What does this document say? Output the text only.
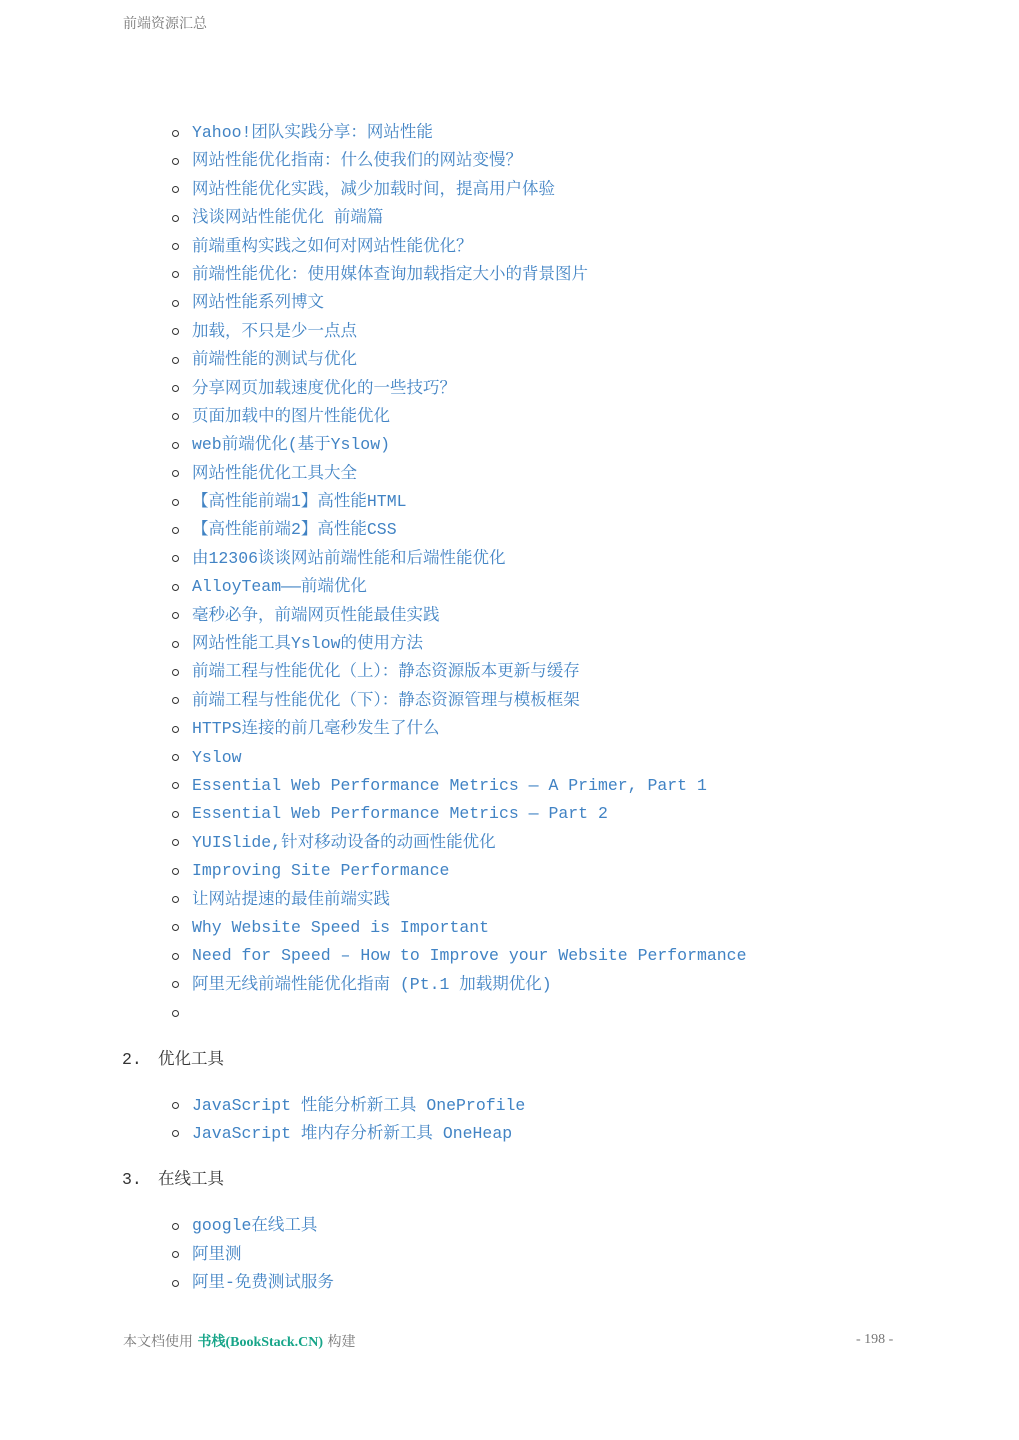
前端资源汇总
Yahoo!团队实践分享：网站性能
网站性能优化指南：什么使我们的网站变慢？
网站性能优化实践，减少加载时间，提高用户体验
浅谈网站性能优化 前端篇
前端重构实践之如何对网站性能优化？
前端性能优化：使用媒体查询加载指定大小的背景图片
网站性能系列博文
加载，不只是少一点点
前端性能的测试与优化
分享网页加载速度优化的一些技巧？
页面加载中的图片性能优化
web前端优化(基于Yslow)
网站性能优化工具大全
【高性能前端1】高性能HTML
【高性能前端2】高性能CSS
由12306谈谈网站前端性能和后端性能优化
AlloyTeam——前端优化
毫秒必争，前端网页性能最佳实践
网站性能工具Yslow的使用方法
前端工程与性能优化（上）：静态资源版本更新与缓存
前端工程与性能优化（下）：静态资源管理与模板框架
HTTPS连接的前几毫秒发生了什么
Yslow
Essential Web Performance Metrics — A Primer, Part 1
Essential Web Performance Metrics — Part 2
YUISlide,针对移动设备的动画性能优化
Improving Site Performance
让网站提速的最佳前端实践
Why Website Speed is Important
Need for Speed – How to Improve your Website Performance
阿里无线前端性能优化指南 (Pt.1 加载期优化)
2. 优化工具
JavaScript 性能分析新工具 OneProfile
JavaScript 堆内存分析新工具 OneHeap
3. 在线工具
google在线工具
阿里测
阿里-免费测试服务
本文档使用 书栈(BookStack.CN) 构建	- 198 -
